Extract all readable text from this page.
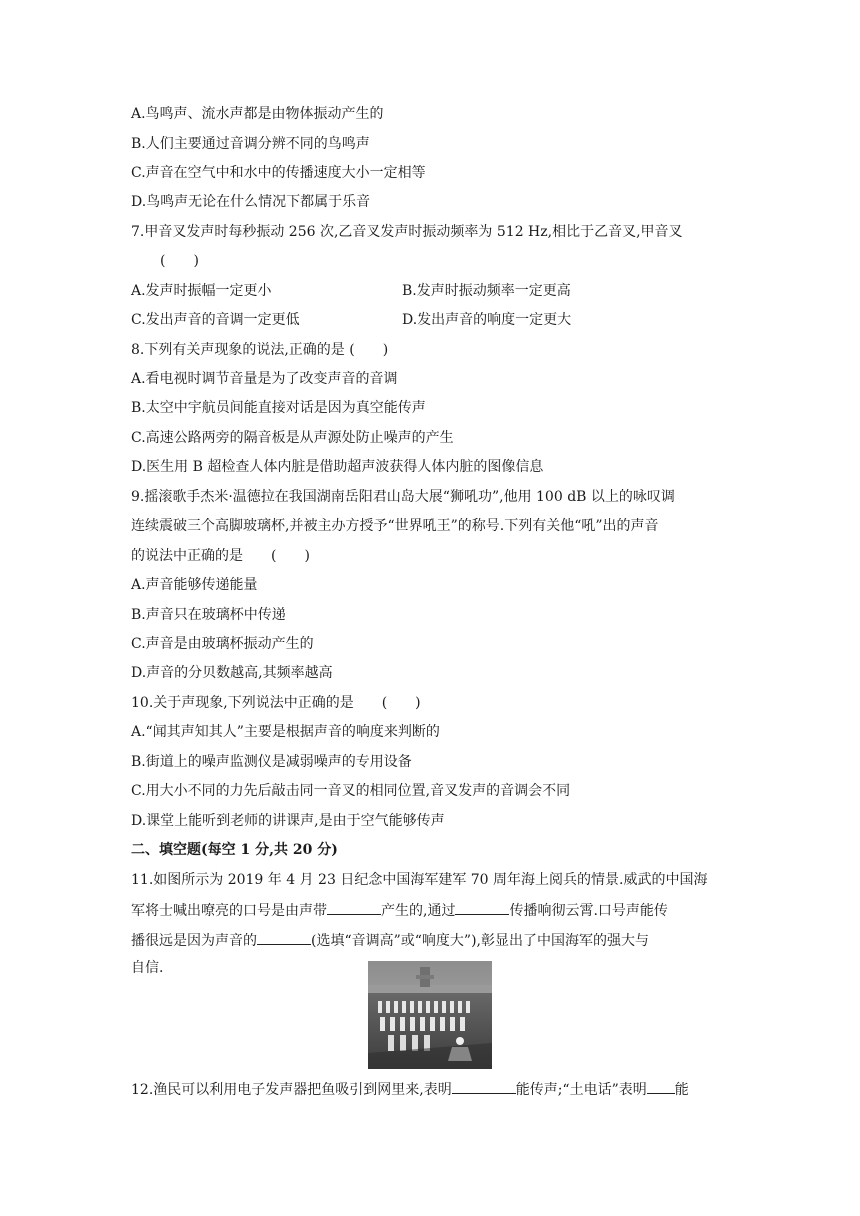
A.鸟鸣声、流水声都是由物体振动产生的
B.人们主要通过音调分辨不同的鸟鸣声
C.声音在空气中和水中的传播速度大小一定相等
D.鸟鸣声无论在什么情况下都属于乐音
7.甲音叉发声时每秒振动 256 次,乙音叉发声时振动频率为 512 Hz,相比于乙音叉,甲音叉
(　　)
A.发声时振幅一定更小	B.发声时振动频率一定更高
C.发出声音的音调一定更低	D.发出声音的响度一定更大
8.下列有关声现象的说法,正确的是 (　　)
A.看电视时调节音量是为了改变声音的音调
B.太空中宇航员间能直接对话是因为真空能传声
C.高速公路两旁的隔音板是从声源处防止噪声的产生
D.医生用 B 超检查人体内脏是借助超声波获得人体内脏的图像信息
9.摇滚歌手杰米·温德拉在我国湖南岳阳君山岛大展“狮吼功”,他用 100 dB 以上的咏叹调
连续震破三个高脚玻璃杯,并被主办方授予“世界吼王”的称号.下列有关他“吼”出的声音
的说法中正确的是　　(　　)
A.声音能够传递能量
B.声音只在玻璃杯中传递
C.声音是由玻璃杯振动产生的
D.声音的分贝数越高,其频率越高
10.关于声现象,下列说法中正确的是　　(　　)
A.“闻其声知其人”主要是根据声音的响度来判断的
B.街道上的噪声监测仪是减弱噪声的专用设备
C.用大小不同的力先后敲击同一音叉的相同位置,音叉发声的音调会不同
D.课堂上能听到老师的讲课声,是由于空气能够传声
二、填空题(每空 1 分,共 20 分)
11.如图所示为 2019 年 4 月 23 日纪念中国海军建军 70 周年海上阅兵的情景.威武的中国海
军将士喊出嘹亮的口号是由声带	产生的,通过	传播响彻云霄.口号声能传
播很远是因为声音的	(选填“音调高”或“响度大”),彰显出了中国海军的强大与
自信.
12.渔民可以利用电子发声器把鱼吸引到网里来,表明	能传声;“土电话”表明 能
